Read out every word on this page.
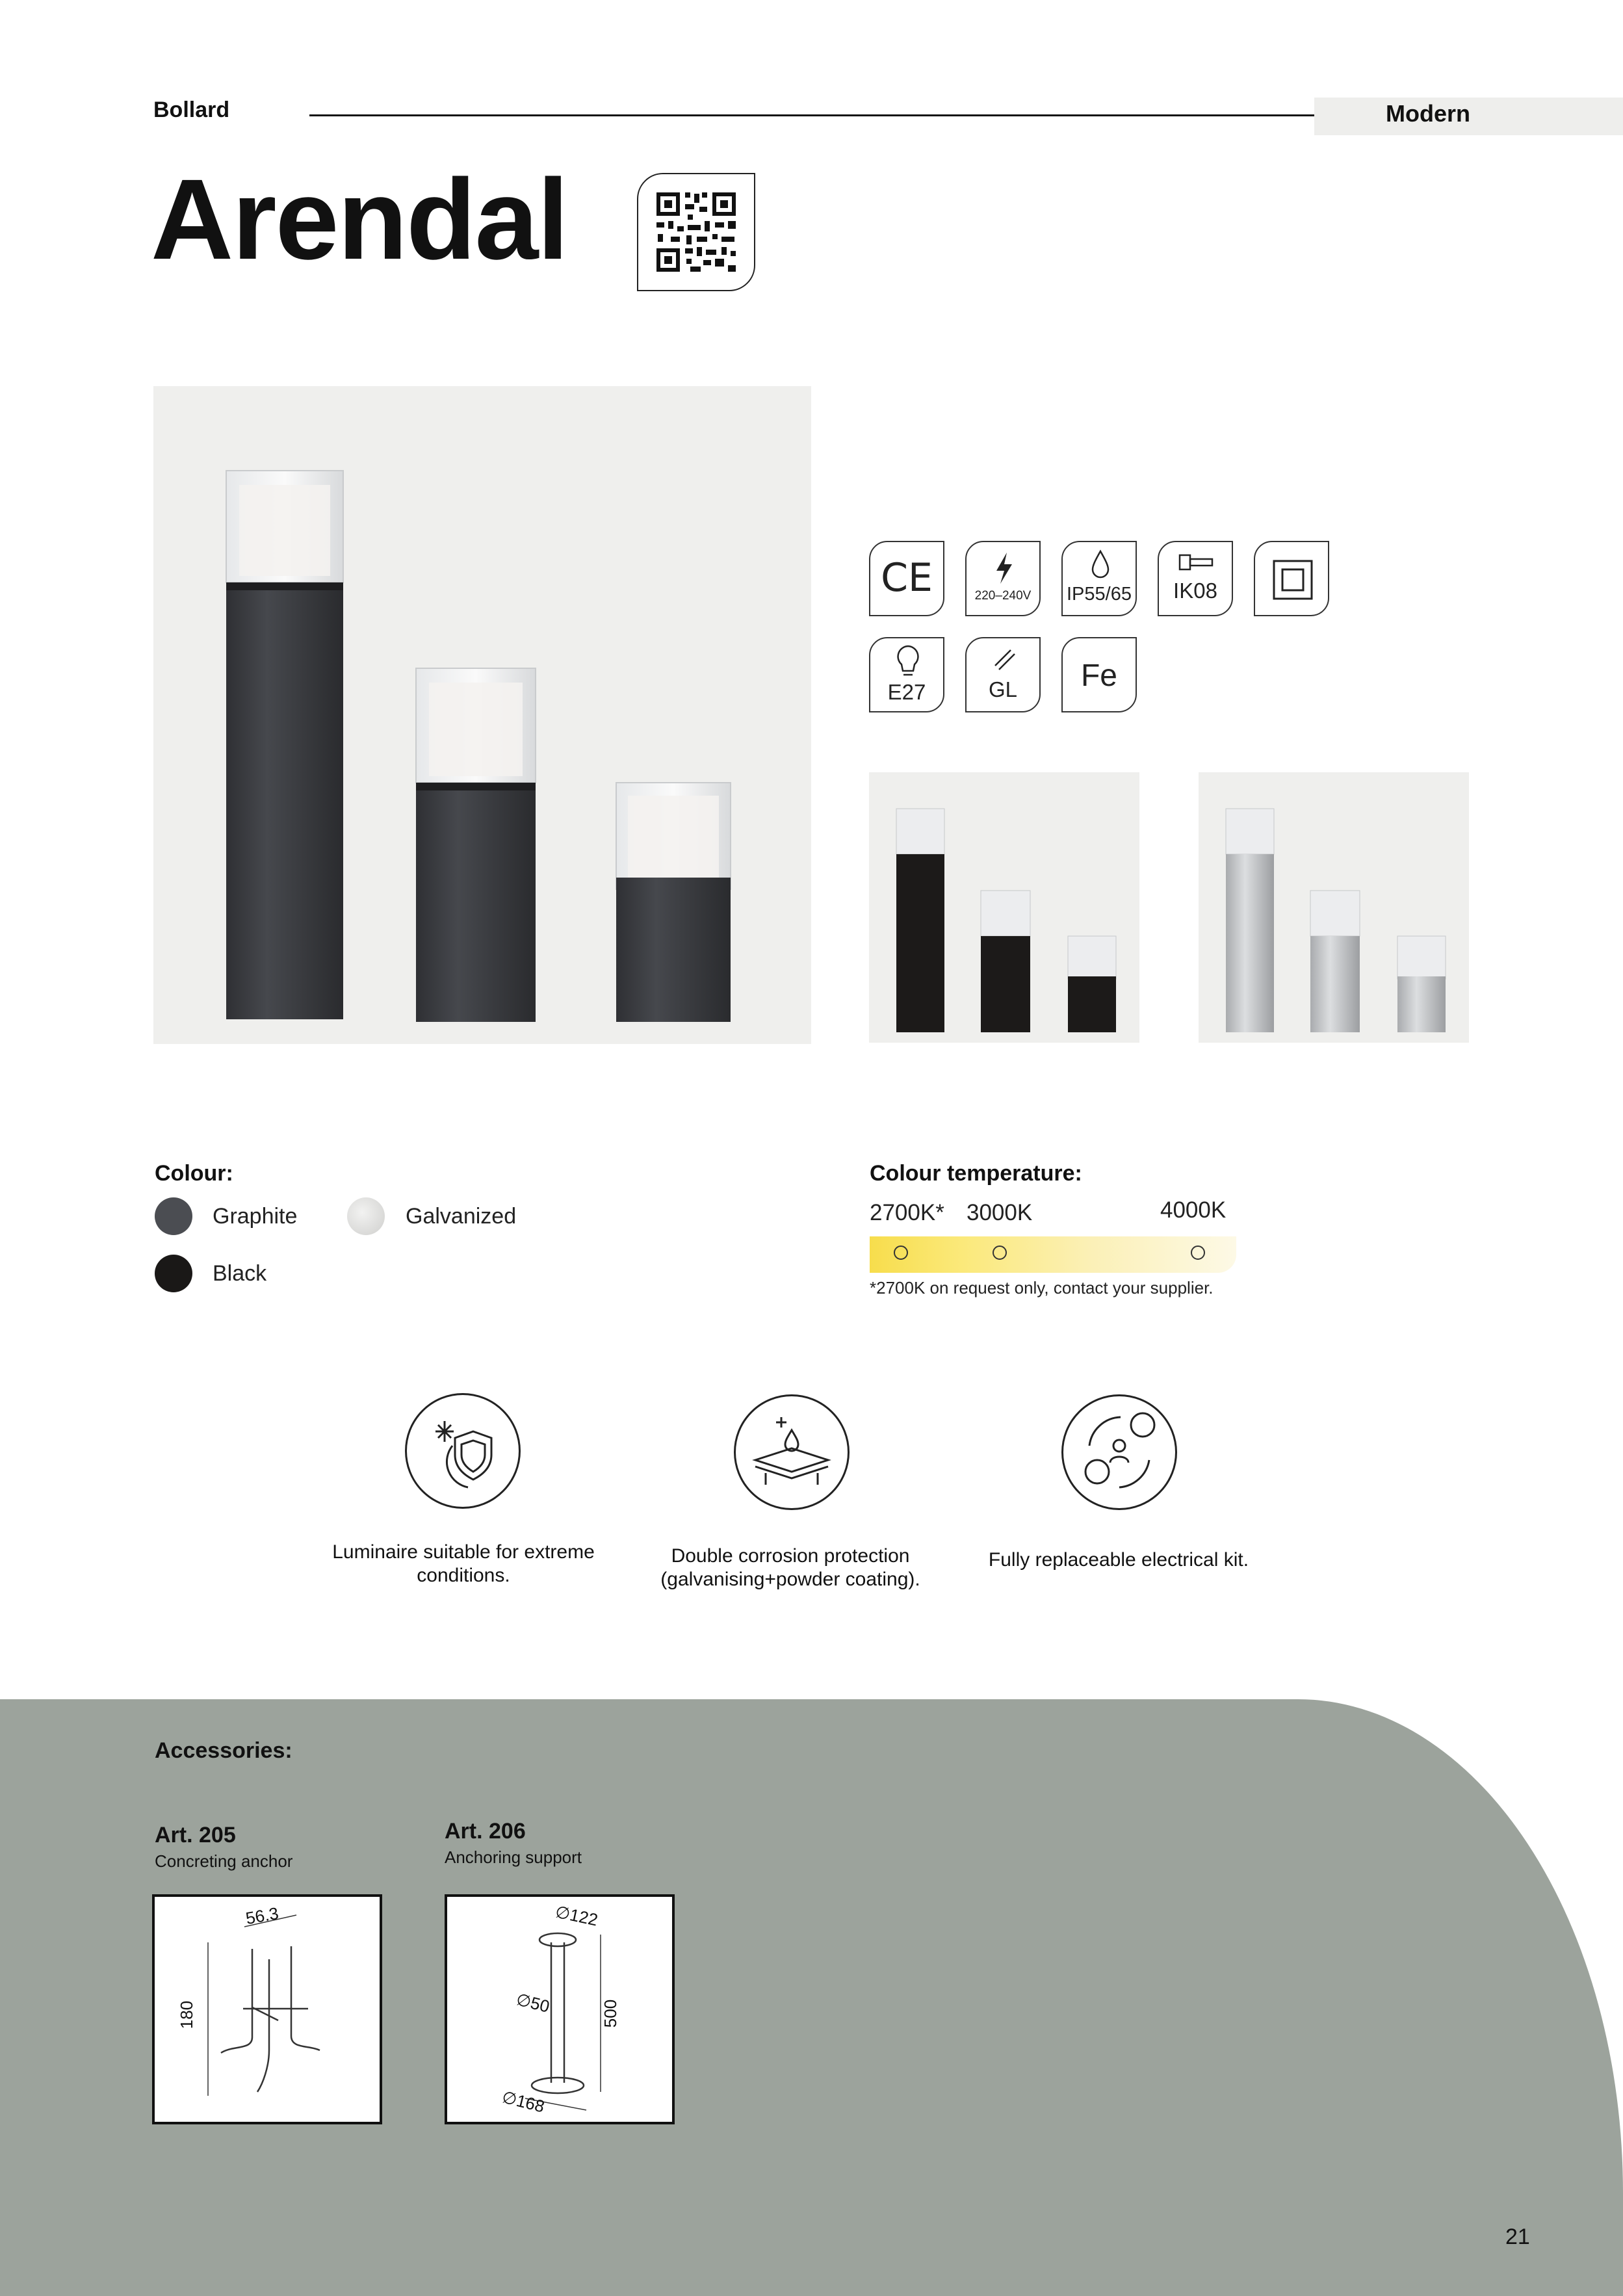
Bollard	Modern
Arendal
CE	220–240V	IP55/65	IK08
E27	GL	Fe
Colour:
Graphite	Galvanized
Black
Colour temperature:
2700K* 3000K	4000K
*2700K on request only, contact your supplier.
Luminaire suitable for extreme conditions.
Double corrosion protection (galvanising+powder coating).
Fully replaceable electrical kit.
Accessories:
Art. 205
Concreting anchor
56.3
180
Art. 206
Anchoring support
∅122
∅50	500
∅168
21
